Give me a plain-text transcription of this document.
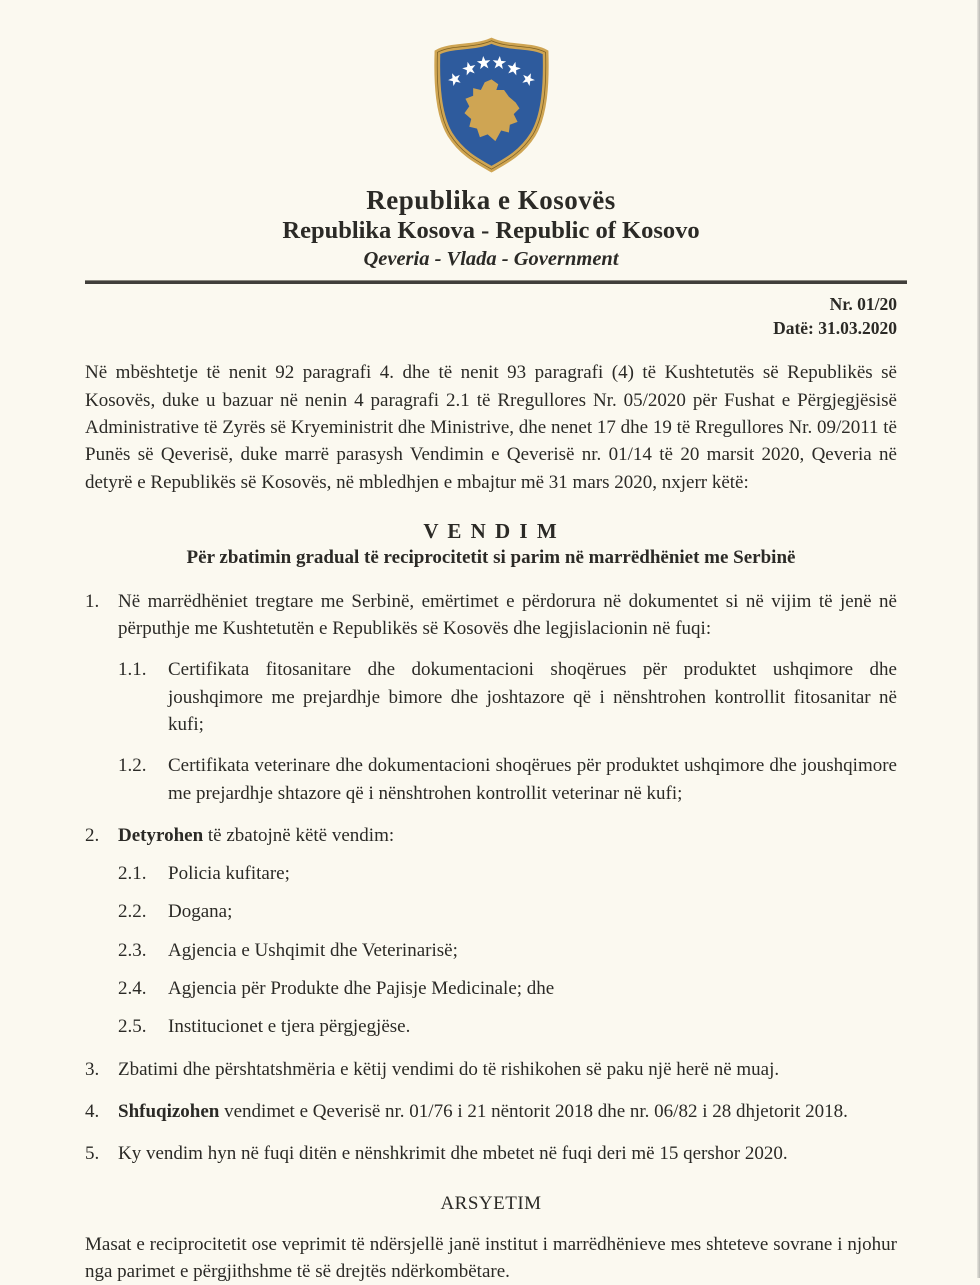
Republika e Kosovës
Republika Kosova - Republic of Kosovo
Qeveria - Vlada - Government
Nr. 01/20
Datë: 31.03.2020

Në mbështetje të nenit 92 paragrafi 4. dhe të nenit 93 paragrafi (4) të Kushtetutës së Republikës së Kosovës, duke u bazuar në nenin 4 paragrafi 2.1 të Rregullores Nr. 05/2020 për Fushat e Përgjegjësisë Administrative të Zyrës së Kryeministrit dhe Ministrive, dhe nenet 17 dhe 19 të Rregullores Nr. 09/2011 të Punës së Qeverisë, duke marrë parasysh Vendimin e Qeverisë nr. 01/14 të 20 marsit 2020, Qeveria në detyrë e Republikës së Kosovës, në mbledhjen e mbajtur më 31 mars 2020, nxjerr këtë:

V E N D I M
Për zbatimin gradual të reciprocitetit si parim në marrëdhëniet me Serbinë
1. Në marrëdhëniet tregtare me Serbinë, emërtimet e përdorura në dokumentet si në vijim të jenë në përputhje me Kushtetutën e Republikës së Kosovës dhe legjislacionin në fuqi:
1.1.	Certifikata fitosanitare dhe dokumentacioni shoqërues për produktet ushqimore dhe joushqimore me prejardhje bimore dhe joshtazore që i nënshtrohen kontrollit fitosanitar në kufi;
1.2.	Certifikata veterinare dhe dokumentacioni shoqërues për produktet ushqimore dhe joushqimore me prejardhje shtazore që i nënshtrohen kontrollit veterinar në kufi;
2. Detyrohen të zbatojnë këtë vendim:
2.1.	Policia kufitare;
2.2.	Dogana;
2.3.	Agjencia e Ushqimit dhe Veterinarisë;
2.4.	Agjencia për Produkte dhe Pajisje Medicinale; dhe
2.5.	Institucionet e tjera përgjegjëse.
3. Zbatimi dhe përshtatshmëria e këtij vendimi do të rishikohen së paku një herë në muaj.
4. Shfuqizohen vendimet e Qeverisë nr. 01/76 i 21 nëntorit 2018 dhe nr. 06/82 i 28 dhjetorit 2018.
5. Ky vendim hyn në fuqi ditën e nënshkrimit dhe mbetet në fuqi deri më 15 qershor 2020.
ARSYETIM

Masat e reciprocitetit ose veprimit të ndërsjellë janë institut i marrëdhënieve mes shteteve sovrane i njohur nga parimet e përgjithshme të së drejtës ndërkombëtare.
